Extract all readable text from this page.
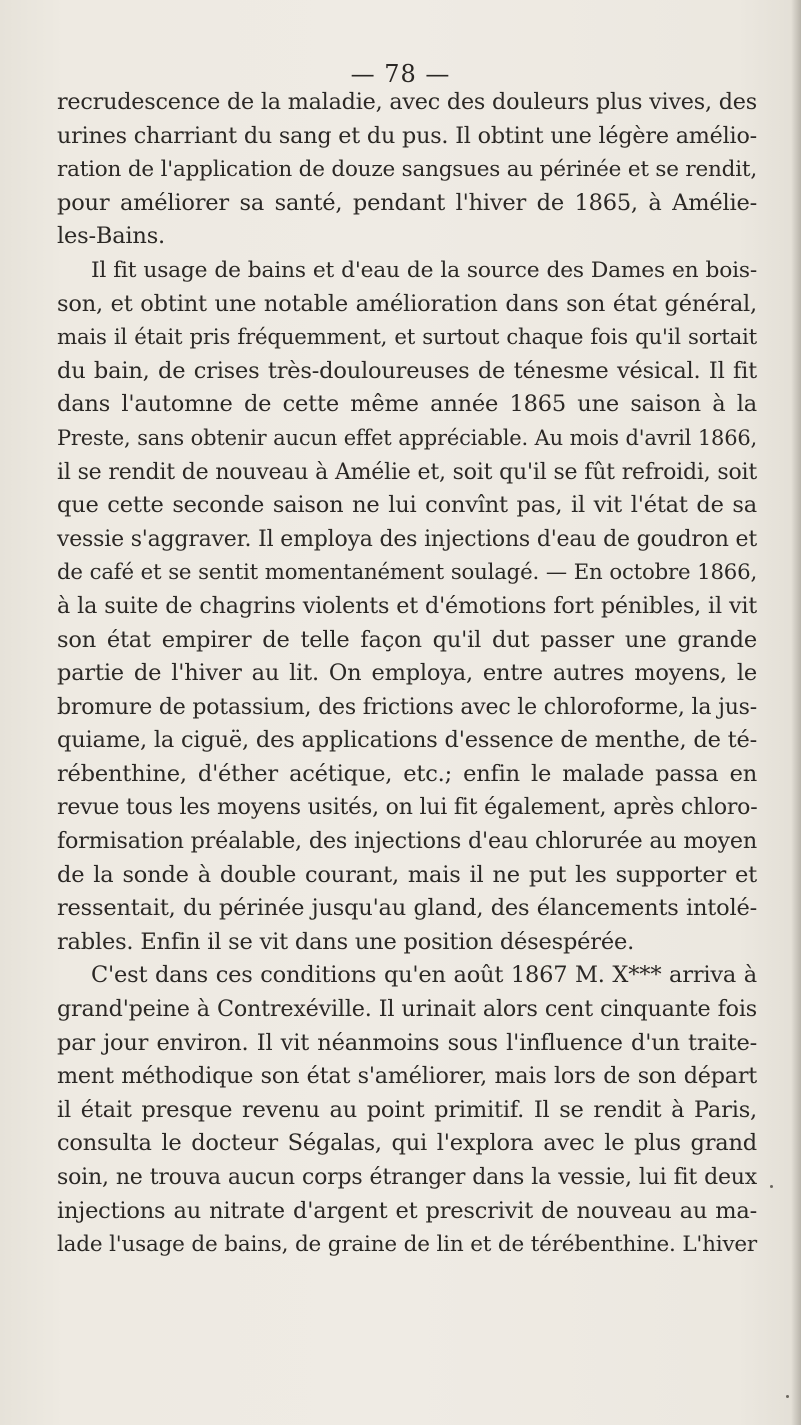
— 78 —
recrudescence de la maladie, avec des douleurs plus vives, des
urines charriant du sang et du pus. Il obtint une légère amélio-
ration de l'application de douze sangsues au périnée et se rendit,
pour améliorer sa santé, pendant l'hiver de 1865, à Amélie-
les-Bains.
Il fit usage de bains et d'eau de la source des Dames en bois-
son, et obtint une notable amélioration dans son état général,
mais il était pris fréquemment, et surtout chaque fois qu'il sortait
du bain, de crises très-douloureuses de ténesme vésical. Il fit
dans l'automne de cette même année 1865 une saison à la
Preste, sans obtenir aucun effet appréciable. Au mois d'avril 1866,
il se rendit de nouveau à Amélie et, soit qu'il se fût refroidi, soit
que cette seconde saison ne lui convînt pas, il vit l'état de sa
vessie s'aggraver. Il employa des injections d'eau de goudron et
de café et se sentit momentanément soulagé. — En octobre 1866,
à la suite de chagrins violents et d'émotions fort pénibles, il vit
son état empirer de telle façon qu'il dut passer une grande
partie de l'hiver au lit. On employa, entre autres moyens, le
bromure de potassium, des frictions avec le chloroforme, la jus-
quiame, la ciguë, des applications d'essence de menthe, de té-
rébenthine, d'éther acétique, etc.; enfin le malade passa en
revue tous les moyens usités, on lui fit également, après chloro-
formisation préalable, des injections d'eau chlorurée au moyen
de la sonde à double courant, mais il ne put les supporter et
ressentait, du périnée jusqu'au gland, des élancements intolé-
rables. Enfin il se vit dans une position désespérée.
C'est dans ces conditions qu'en août 1867 M. X*** arriva à
grand'peine à Contrexéville. Il urinait alors cent cinquante fois
par jour environ. Il vit néanmoins sous l'influence d'un traite-
ment méthodique son état s'améliorer, mais lors de son départ
il était presque revenu au point primitif. Il se rendit à Paris,
consulta le docteur Ségalas, qui l'explora avec le plus grand
soin, ne trouva aucun corps étranger dans la vessie, lui fit deux
injections au nitrate d'argent et prescrivit de nouveau au ma-
lade l'usage de bains, de graine de lin et de térébenthine. L'hiver
